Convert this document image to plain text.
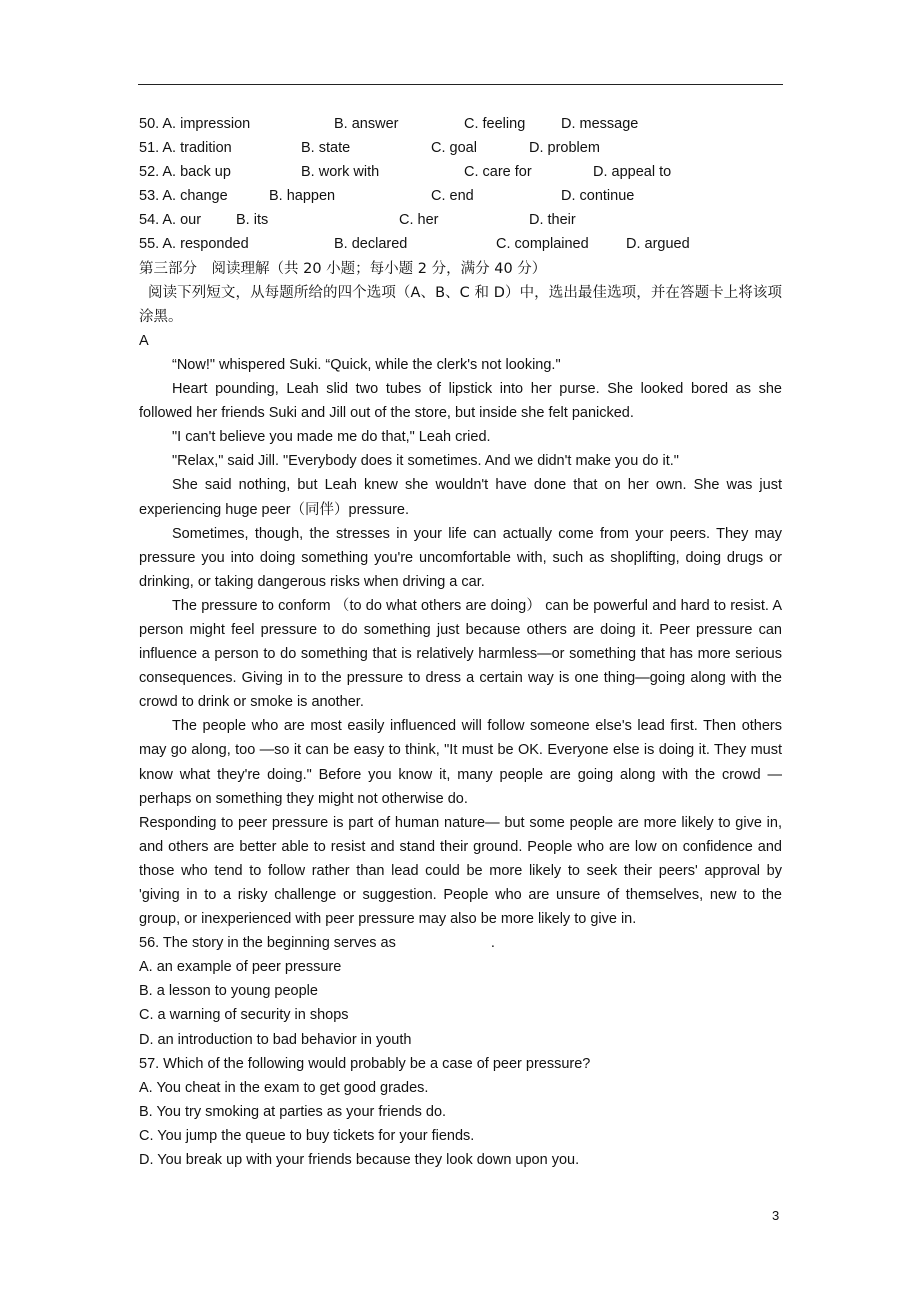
50. A. impression	B. answer	C. feeling D. message
51. A. tradition	B. state	C. goal	D. problem
52. A. back up	B. work with	C. care for	D. appeal to
53. A. change	B. happen	C. end	D. continue
54. A. our B. its	C. her	D. their
55. A. responded	B. declared	C. complained	D. argued
第三部分　阅读理解（共 20 小题；每小题 2 分，满分 40 分）
阅读下列短文，从每题所给的四个选项（A、B、C 和 D）中，选出最佳选项，并在答题卡上将该项涂黑。
A
“Now!" whispered Suki. “Quick, while the clerk's not looking."
Heart pounding, Leah slid two tubes of lipstick into her purse. She looked bored as she followed her friends Suki and Jill out of the store, but inside she felt panicked.
"I can't believe you made me do that," Leah cried.
"Relax," said Jill. "Everybody does it sometimes. And we didn't make you do it."
She said nothing, but Leah knew she wouldn't have done that on her own. She was just experiencing huge peer（同伴）pressure.
Sometimes, though, the stresses in your life can actually come from your peers. They may pressure you into doing something you're uncomfortable with, such as shoplifting, doing drugs or drinking, or taking dangerous risks when driving a car.
The pressure to conform （to do what others are doing） can be powerful and hard to resist. A person might feel pressure to do something just because others are doing it. Peer pressure can influence a person to do something that is relatively harmless—or something that has more serious consequences. Giving in to the pressure to dress a certain way is one thing—going along with the crowd to drink or smoke is another.
The people who are most easily influenced will follow someone else's lead first. Then others may go along, too —so it can be easy to think, "It must be OK. Everyone else is doing it. They must know what they're doing." Before you know it, many people are going along with the crowd —perhaps on something they might not otherwise do.
Responding to peer pressure is part of human nature— but some people are more likely to give in, and others are better able to resist and stand their ground. People who are low on confidence and those who tend to follow rather than lead could be more likely to seek their peers' approval by 'giving in to a risky challenge or suggestion. People who are unsure of themselves, new to the group, or inexperienced with peer pressure may also be more likely to give in.
56. The story in the beginning serves as	.
A. an example of peer pressure
B. a lesson to young people
C. a warning of security in shops
D. an introduction to bad behavior in youth
57. Which of the following would probably be a case of peer pressure?
A. You cheat in the exam to get good grades.
B. You try smoking at parties as your friends do.
C. You jump the queue to buy tickets for your fiends.
D. You break up with your friends because they look down upon you.
3
